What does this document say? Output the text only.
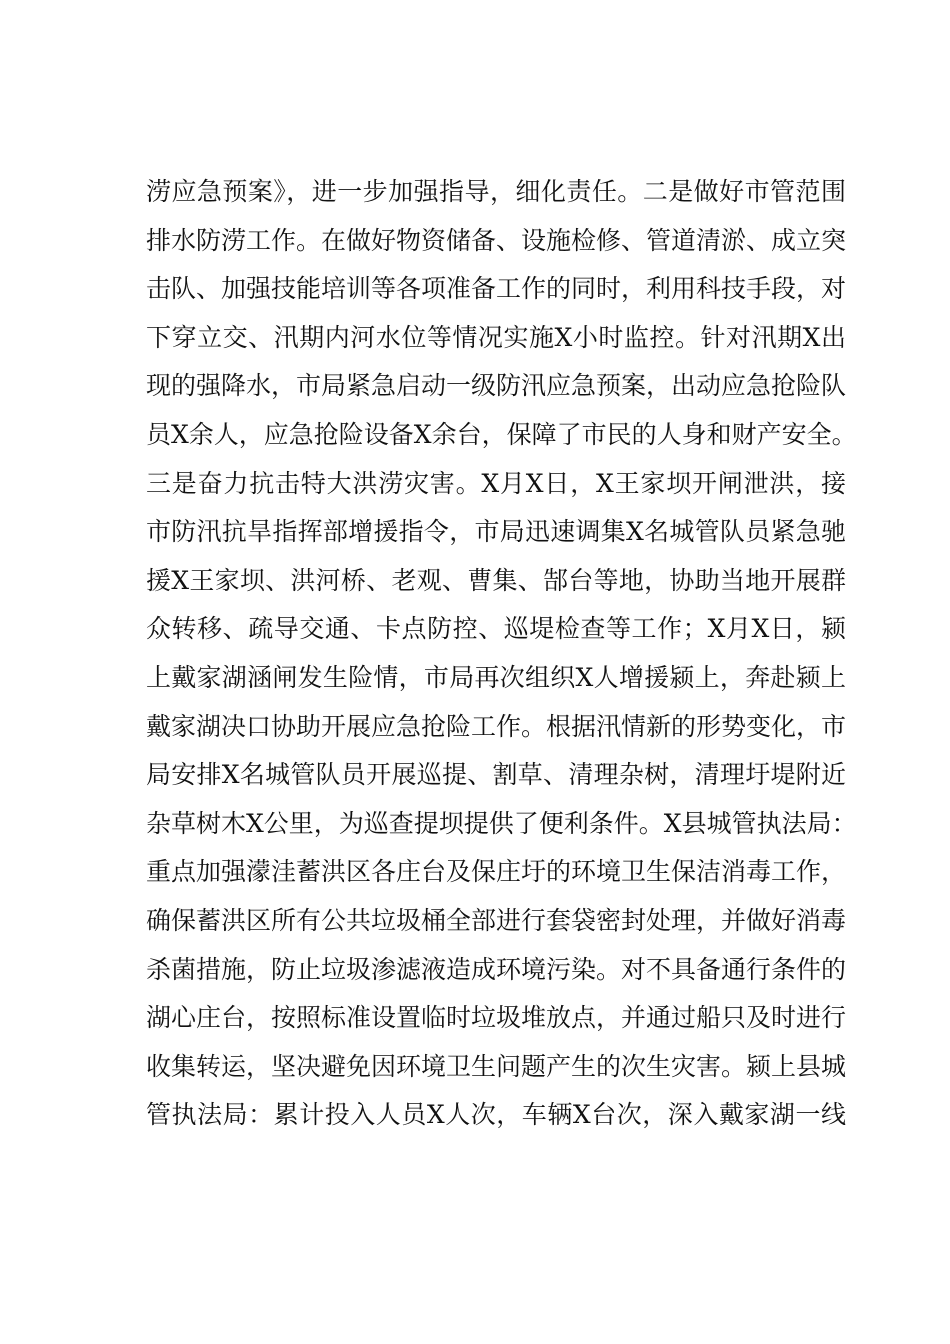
涝应急预案》，进一步加强指导，细化责任。二是做好市管范围
排水防涝工作。在做好物资储备、设施检修、管道清淤、成立突
击队、加强技能培训等各项准备工作的同时，利用科技手段，对
下穿立交、汛期内河水位等情况实施X小时监控。针对汛期X出
现的强降水，市局紧急启动一级防汛应急预案，出动应急抢险队
员X余人，应急抢险设备X余台，保障了市民的人身和财产安全。
三是奋力抗击特大洪涝灾害。X月X日，X王家坝开闸泄洪，接
市防汛抗旱指挥部增援指令，市局迅速调集X名城管队员紧急驰
援X王家坝、洪河桥、老观、曹集、郜台等地，协助当地开展群
众转移、疏导交通、卡点防控、巡堤检查等工作；X月X日，颍
上戴家湖涵闸发生险情，市局再次组织X人增援颍上，奔赴颍上
戴家湖决口协助开展应急抢险工作。根据汛情新的形势变化，市
局安排X名城管队员开展巡提、割草、清理杂树，清理圩堤附近
杂草树木X公里，为巡查提坝提供了便利条件。X县城管执法局：
重点加强濛洼蓄洪区各庄台及保庄圩的环境卫生保洁消毒工作，
确保蓄洪区所有公共垃圾桶全部进行套袋密封处理，并做好消毒
杀菌措施，防止垃圾渗滤液造成环境污染。对不具备通行条件的
湖心庄台，按照标准设置临时垃圾堆放点，并通过船只及时进行
收集转运，坚决避免因环境卫生问题产生的次生灾害。颍上县城
管执法局：累计投入人员X人次，车辆X台次，深入戴家湖一线
